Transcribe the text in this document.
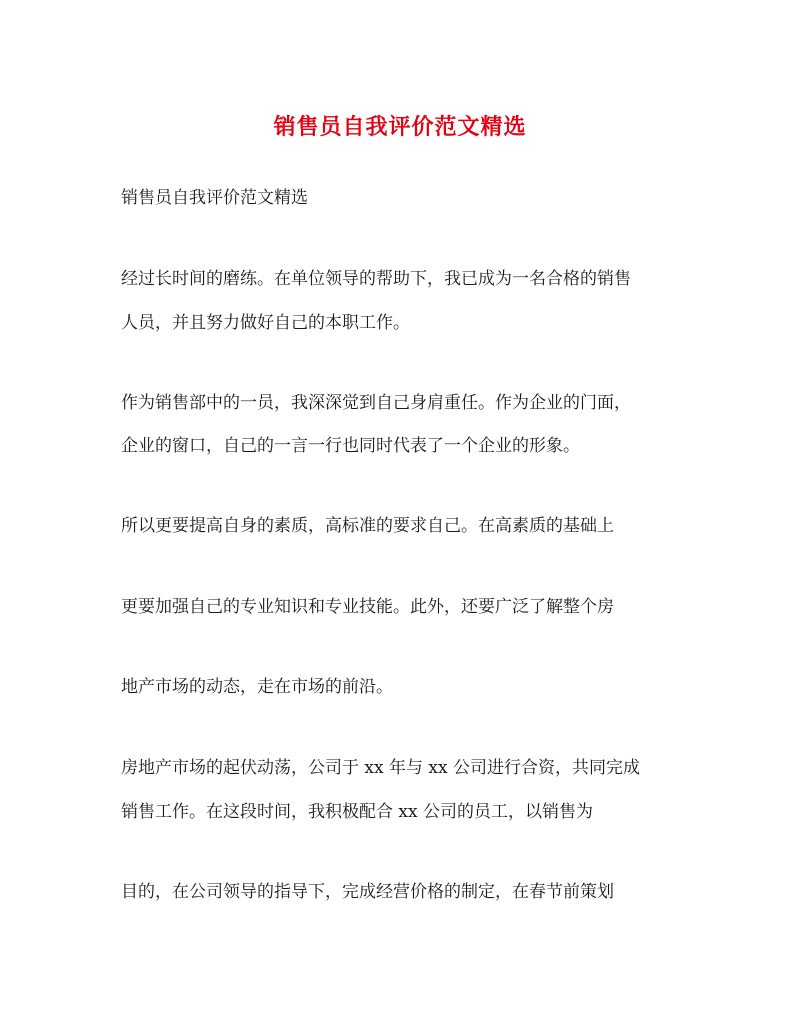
销售员自我评价范文精选
销售员自我评价范文精选
经过长时间的磨练。在单位领导的帮助下，我已成为一名合格的销售
人员，并且努力做好自己的本职工作。
作为销售部中的一员，我深深觉到自己身肩重任。作为企业的门面，
企业的窗口，自己的一言一行也同时代表了一个企业的形象。
所以更要提高自身的素质，高标准的要求自己。在高素质的基础上
更要加强自己的专业知识和专业技能。此外，还要广泛了解整个房
地产市场的动态，走在市场的前沿。
房地产市场的起伏动荡，公司于 xx 年与 xx 公司进行合资，共同完成
销售工作。在这段时间，我积极配合 xx 公司的员工，以销售为
目的，在公司领导的指导下，完成经营价格的制定，在春节前策划
